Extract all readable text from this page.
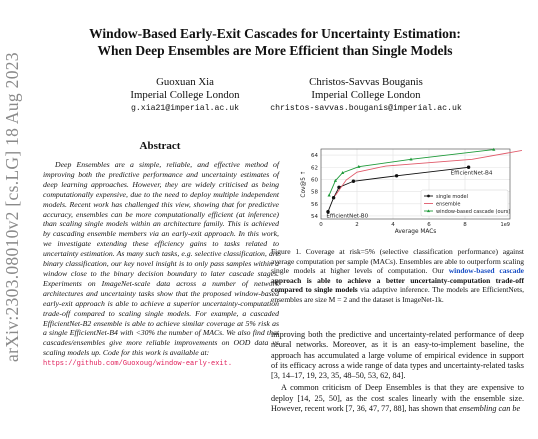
arXiv:2303.08010v2 [cs.LG] 18 Aug 2023
Window-Based Early-Exit Cascades for Uncertainty Estimation:
When Deep Ensembles are More Efficient than Single Models
Guoxuan Xia
Imperial College London
g.xia21@imperial.ac.uk
Christos-Savvas Bouganis
Imperial College London
christos-savvas.bouganis@imperial.ac.uk
Abstract
Deep Ensembles are a simple, reliable, and effective method of improving both the predictive performance and uncertainty estimates of deep learning approaches. However, they are widely criticised as being computationally expensive, due to the need to deploy multiple independent models. Recent work has challenged this view, showing that for predictive accuracy, ensembles can be more computationally efficient (at inference) than scaling single models within an architecture family. This is achieved by cascading ensemble members via an early-exit approach. In this work, we investigate extending these efficiency gains to tasks related to uncertainty estimation. As many such tasks, e.g. selective classification, are binary classification, our key novel insight is to only pass samples within a window close to the binary decision boundary to later cascade stages. Experiments on ImageNet-scale data across a number of network architectures and uncertainty tasks show that the proposed window-based early-exit approach is able to achieve a superior uncertainty-computation trade-off compared to scaling single models. For example, a cascaded EfficientNet-B2 ensemble is able to achieve similar coverage at 5% risk as a single EfficientNet-B4 with <30% the number of MACs. We also find that cascades/ensembles give more reliable improvements on OOD data vs scaling models up. Code for this work is available at:
https://github.com/Guoxoug/window-early-exit.
54
56
58
60
62
64
0	2	4	6	8	1e9
Average MACs
Cov@5 ↑	EfficientNet-B4
EfficientNet-B0
single model
ensemble
window-based cascade (ours)
Figure 1. Coverage at risk=5% (selective classification performance) against average computation per sample (MACs). Ensembles are able to outperform scaling single models at higher levels of computation. Our window-based cascade approach is able to achieve a better uncertainty-computation trade-off compared to single models via adaptive inference. The models are EfficientNets, ensembles are size M = 2 and the dataset is ImageNet-1k.
improving both the predictive and uncertainty-related performance of deep neural networks. Moreover, as it is an easy-to-implement baseline, the approach has accumulated a large volume of empirical evidence in support of its efficacy across a wide range of data types and uncertainty-related tasks [3, 14–17, 19, 23, 35, 48–50, 53, 62, 84].
A common criticism of Deep Ensembles is that they are expensive to deploy [14, 25, 50], as the cost scales linearly with the ensemble size. However, recent work [7, 36, 47, 77, 88], has shown that ensembling can be
